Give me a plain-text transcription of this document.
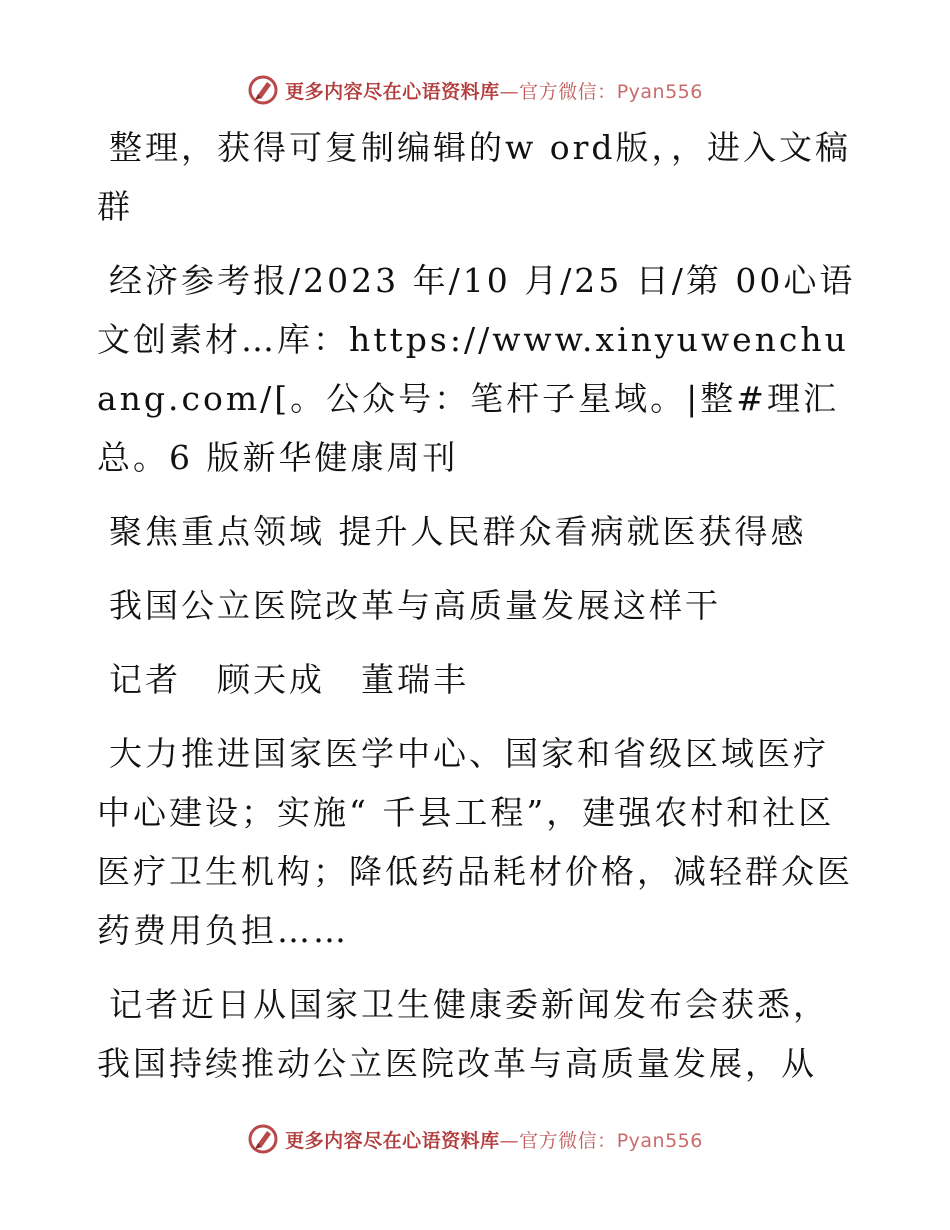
更多内容尽在心语资料库—官方微信：Pyan556

整理，获得可复制编辑的w ord版，，进入文稿群

经济参考报/2023 年/10 月/25 日/第 00心语文创素材…库：https://www.xinyuwenchuang.com/[。公众号：笔杆子星域。|整#理汇总。6 版新华健康周刊

聚焦重点领域 提升人民群众看病就医获得感

我国公立医院改革与高质量发展这样干

记者　顾天成　董瑞丰

大力推进国家医学中心、国家和省级区域医疗中心建设；实施“ 千县工程”，建强农村和社区医疗卫生机构；降低药品耗材价格，减轻群众医药费用负担……

记者近日从国家卫生健康委新闻发布会获悉，我国持续推动公立医院改革与高质量发展，从

更多内容尽在心语资料库—官方微信：Pyan556
